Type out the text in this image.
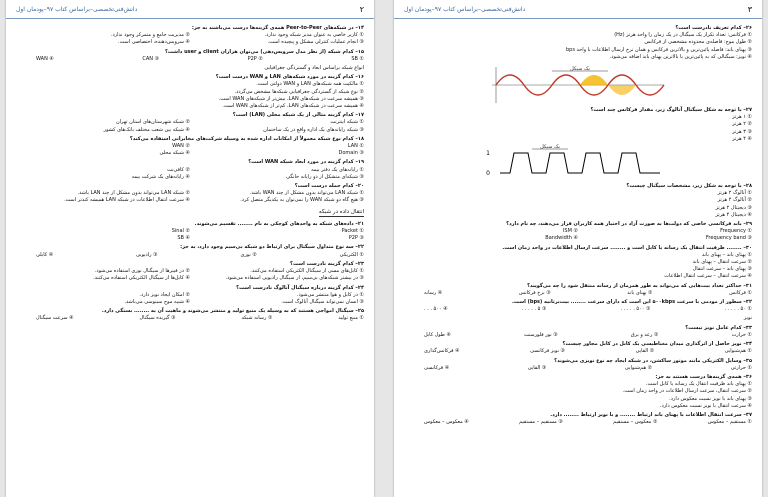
۲
دانش‌فنی‌تخصصی–براساس کتاب ۹۷–پودمان اول
۱۴– در شبکه‌های Peer-to-Peer همه‌ی گزینه‌ها درست می‌باشند به جز:
① کاربر خاصی به عنوان مدیر شبکه وجود ندارد.
② مدیریت جامع و متمرکز وجود ندارد.
③ انجام عملیات کنترلی مشکل و پیچیده است.
④ سرویس‌دهنده، اختصاصی است.
۱۵– کدام شبکه (از نظر مدل سرویس‌دهی) می‌توان هزاران client و user داشت؟
① SB
② P2P
③ CAN
④ WAN
انواع شبکه براساس ابعاد و گستردگی جغرافیایی
۱۶– کدام گزینه در مورد شبکه‌های LAN و WAN درست است؟
① مالکیت همه شبکه‌های LAN و WAN دولتی است.
② نوع شبکه از گستردگی جغرافیایی شبکه‌ها مشخص می‌گردد.
③ همیشه سرعت در شبکه‌های LAN، بیش‌تر از شبکه‌های WAN است.
④ همیشه سرعت در شبکه‌های LAN، کم‌تر از شبکه‌های WAN است.
۱۷– کدام گزینه مثالی از یک شبکه محلی (LAN) است؟
① شبکه اینترنت
② شبکه شهرستان‌های استان تهران
③ شبکه رایانه‌های یک اداره واقع در یک ساختمان
④ شبکه بین شعب مختلف بانک‌های کشور
۱۸– کدام نوع شبکه معمولاً از امکانات اداره شده به وسیله شرکت‌های مخابراتی استفاده می‌کند؟
① LAN
② WAN
③ Domain
④ شبکه محلی
۱۹– کدام گزینه در مورد ابعاد شبکه WAN است؟
① رایانه‌های یک دفتر بیمه
② کافی‌نت
③ شبکه‌ای متشکل از دو رایانه خانگی
④ رایانه‌های یک شرکت بیمه
۲۰– کدام جمله درست است؟
① شبکه LAN می‌تواند بدون مشکل از چند WAN باشد.
② شبکه LAN می‌تواند بدون مشکل از چند LAN باشد.
③ هیچ گاه دو شبکه WAN را نمی‌توان به یکدیگر متصل کرد.
④ سرعت انتقال اطلاعات در شبکه LAN همیشه کندتر است.
انتقال داده در شبکه
۲۱– داده‌های شبکه به واحدهای کوچکی به نام ........ تقسیم می‌شوند.
① Packet
② Sinal
③ P2P
④ SB
۲۲– سه نوع متداول سیگنال برای ارتباط دو شبکه بی‌سیم وجود دارد، به جز:
① الکتریکی
② نوری
③ رادیویی
④ کابلی
۲۳– کدام گزینه نادرست است؟
① کابل‌های مسی از سیگنال الکتریکی استفاده می‌کنند.
② در فیبرها از سیگنال نوری استفاده می‌شود.
③ در بیشتر شبکه‌های بی‌سیم، از سیگنال رادیویی استفاده می‌شود.
④ کابل‌ها از سیگنال الکتریکی استفاده می‌کنند.
۲۴– کدام گزینه درباره سیگنال آنالوگ نادرست است؟
① در کابل و هوا منتشر می‌شود.
② امکان ایجاد نویز دارد.
③ انسان نمی‌تواند سیگنال آنالوگ است.
④ شبیه موج سینوسی می‌باشد.
۲۵– سیگنال امواجی هستند که به وسیله یک منبع تولید و منتشر می‌شوند و ماهیت آن به ........ بستگی دارد.
① منبع تولید
② رسانه شبکه
③ گیرنده سیگنال
④ سرعت سیگنال
۳
دانش‌فنی‌تخصصی–براساس کتاب ۹۷–پودمان اول
۲۶– کدام تعریف نادرست است؟
① فرکانس: تعداد تکرار یک سیگنال در یک زمان را واحد هرتز (Hz)
② طول موج: فاصله‌ی محدوده مشخصی از فرکانس
③ پهنای باند: فاصله پائین‌ترین و بالاترین فرکانس و همان نرخ ارسال اطلاعات با واحد bps
④ نویز: سیگنالی که به پائین‌ترین یا بالاترین پهنای باند اضافه می‌شود.
یک سیکل
۲۷– با توجه به شکل سیگنال آنالوگ زیر، مقدار فرکانس چند است؟
① ۱ هرتز
② ۲ هرتز
③ ۳ هرتز
④ ۴ هرتز
1
0
یک سیکل
۲۸– با توجه به شکل زیر، مشخصات سیگنال چیست؟
① آنالوگ ۲ هرتز
② آنالوگ ۴ هرتز
③ دیجیتال ۲ هرتز
④ دیجیتال ۴ هرتز
۲۹– باند فرکانسی خاصی که دولت‌ها به صورت آزاد در اختیار همه کاربران قرار می‌دهند، چه نام دارد؟
① Frequency
② ISM
③ Frequency band
④ Bandwidth
۳۰– ........ ظرفیت انتقال یک رسانه یا کابل است و ........ سرعت ارسال اطلاعات در واحد زمان است.
① پهنای باند – پهنای باند
② سرعت انتقال – پهنای باند
③ پهنای باند – سرعت انتقال
④ سرعت انتقال – سرعت انتقال اطلاعات
۳۱– حداکثر تعداد بیت‌هایی که می‌تواند به طور همزمان از رسانه منتقل شود را چه می‌گویند؟
① فرکانس
② پهنای باند
③ نرخ فرکانس
④ رسانه
۳۲– سطور از مودمی با سرعت ۵۰۰kbps این است که دارای سرعت ........ بیت‌برثانیه (bps) است.
① ۵۰ . . . . .
② ۵۰۰ . . . . .
③ ۵ . . . . .
④ ۵۰۰ . . .
نویز
۳۳– کدام عامل نویز نیست؟
① حرارت
② رعد و برق
③ نور فلورسنت
④ طول کابل
۳۴– نویز حاصل از اثرگذاری میدان مغناطیسی یک کابل در کابل مجاور چیست؟
① هم‌شنوایی
② القایی
③ نویز فرکانسی
④ فرکانس‌گذاری
۳۵– وسایل الکتریکی مانند موتور ساکشن، در شبکه ایجاد چه نوع نویزی می‌شوند؟
① حرارتی
② هم‌شنوایی
③ القایی
④ فرکانسی
۳۶– همه‌ی گزینه‌ها درست هستند به جز:
① پهنای باند ظرفیت انتقال یک رسانه یا کابل است.
② سرعت انتقال، سرعت ارسال اطلاعات در واحد زمان است.
③ پهنای باند با نویز نسبت معکوس دارد.
④ سرعت انتقال با نویز نسبت معکوس دارد.
۳۷– سرعت انتقال اطلاعات با پهنای باند ارتباط ........ و با نویز ارتباط ........ دارد.
① مستقیم – معکوس
② معکوس – مستقیم
③ مستقیم – مستقیم
④ معکوس – معکوس
